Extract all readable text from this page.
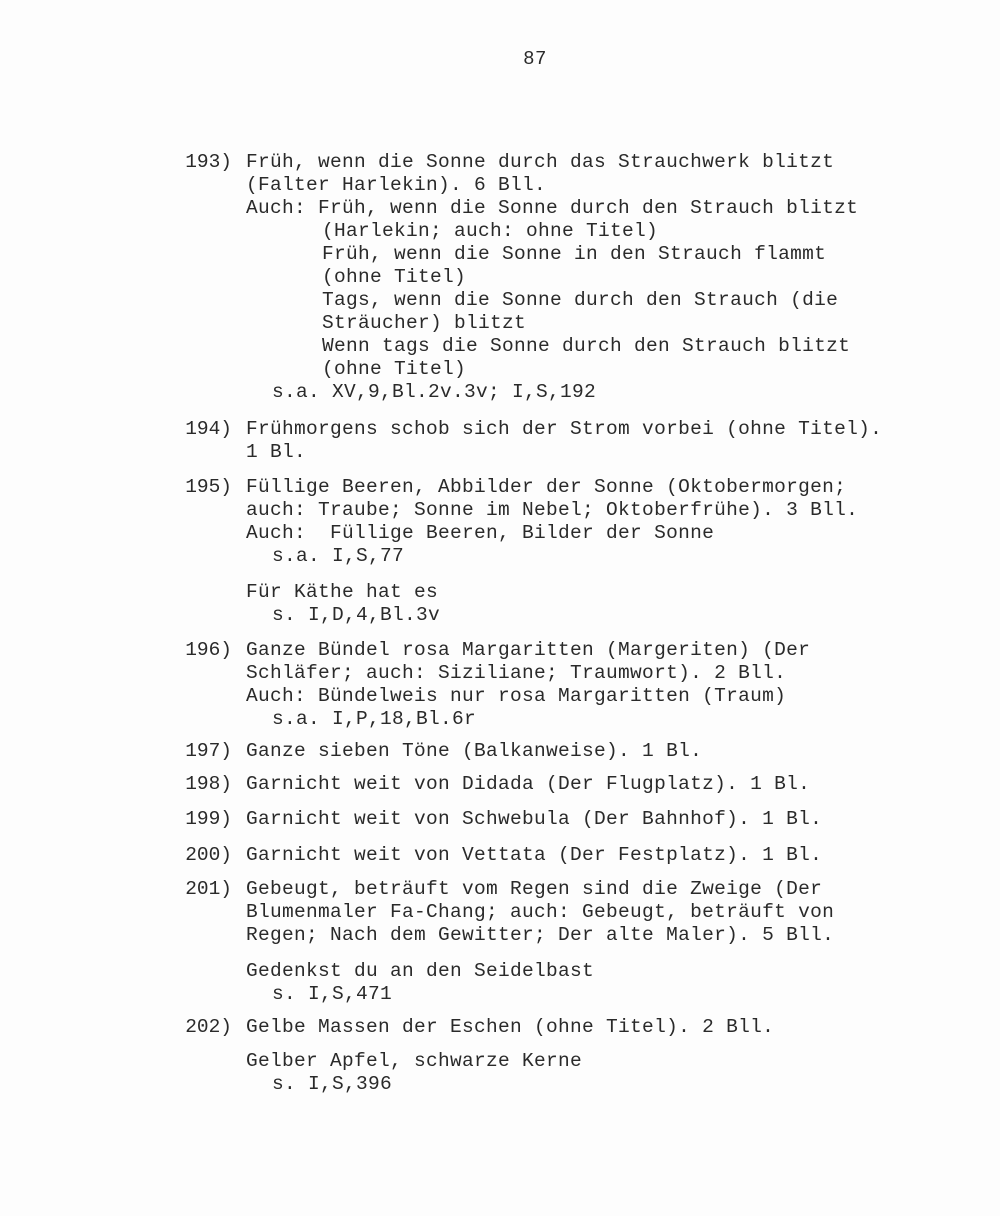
87
193) Früh, wenn die Sonne durch das Strauchwerk blitzt
(Falter Harlekin). 6 Bll.
Auch: Früh, wenn die Sonne durch den Strauch blitzt
(Harlekin; auch: ohne Titel)
Früh, wenn die Sonne in den Strauch flammt
(ohne Titel)
Tags, wenn die Sonne durch den Strauch (die
Sträucher) blitzt
Wenn tags die Sonne durch den Strauch blitzt
(ohne Titel)
s.a. XV,9,Bl.2v.3v; I,S,192
194) Frühmorgens schob sich der Strom vorbei (ohne Titel).
1 Bl.
195) Füllige Beeren, Abbilder der Sonne (Oktobermorgen;
auch: Traube; Sonne im Nebel; Oktoberfrühe). 3 Bll.
Auch:  Füllige Beeren, Bilder der Sonne
s.a. I,S,77
Für Käthe hat es
s. I,D,4,Bl.3v
196) Ganze Bündel rosa Margaritten (Margeriten) (Der
Schläfer; auch: Siziliane; Traumwort). 2 Bll.
Auch: Bündelweis nur rosa Margaritten (Traum)
s.a. I,P,18,Bl.6r
197) Ganze sieben Töne (Balkanweise). 1 Bl.
198) Garnicht weit von Didada (Der Flugplatz). 1 Bl.
199) Garnicht weit von Schwebula (Der Bahnhof). 1 Bl.
200) Garnicht weit von Vettata (Der Festplatz). 1 Bl.
201) Gebeugt, beträuft vom Regen sind die Zweige (Der
Blumenmaler Fa-Chang; auch: Gebeugt, beträuft von
Regen; Nach dem Gewitter; Der alte Maler). 5 Bll.
Gedenkst du an den Seidelbast
s. I,S,471
202) Gelbe Massen der Eschen (ohne Titel). 2 Bll.
Gelber Apfel, schwarze Kerne
s. I,S,396
